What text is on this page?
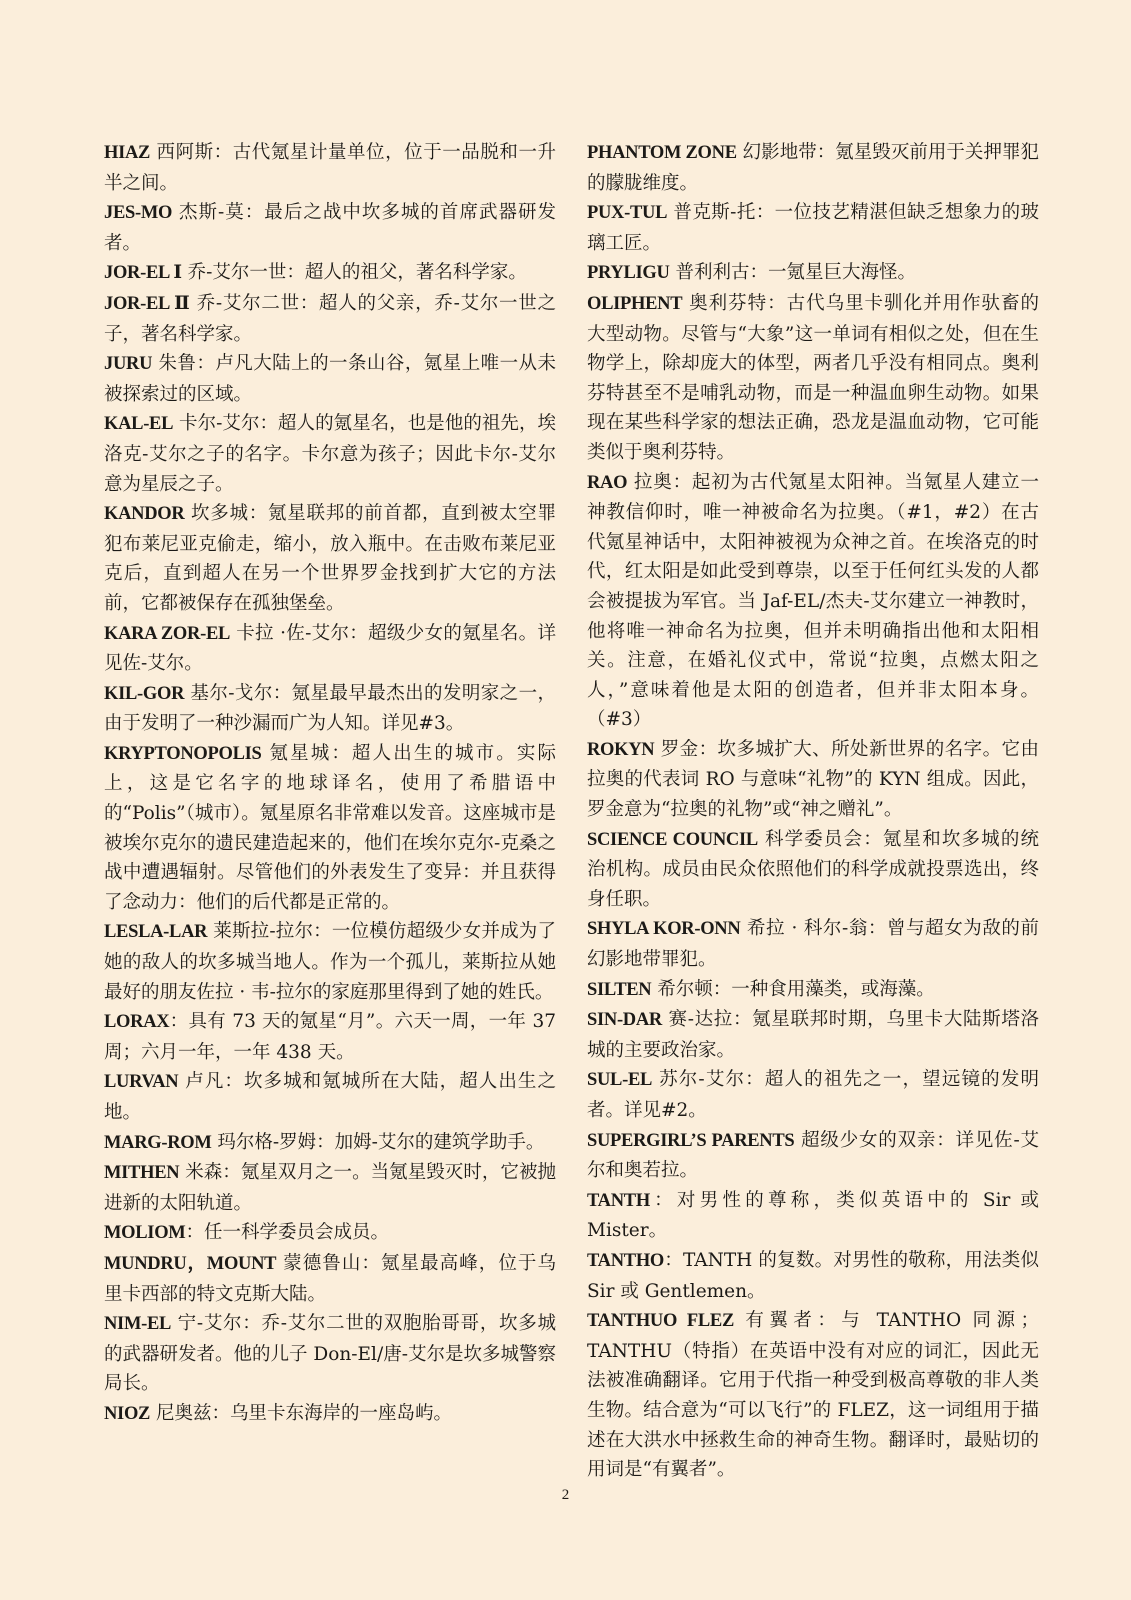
HIAZ 西阿斯：古代氪星计量单位，位于一品脱和一升半之间。

JES-MO 杰斯-莫：最后之战中坎多城的首席武器研发者。

JOR-EL Ⅰ 乔-艾尔一世：超人的祖父，著名科学家。

JOR-EL Ⅱ 乔-艾尔二世：超人的父亲，乔-艾尔一世之子，著名科学家。

JURU 朱鲁：卢凡大陆上的一条山谷，氪星上唯一从未被探索过的区域。

KAL-EL 卡尔-艾尔：超人的氪星名，也是他的祖先，埃洛克-艾尔之子的名字。卡尔意为孩子；因此卡尔-艾尔意为星辰之子。

KANDOR 坎多城：氪星联邦的前首都，直到被太空罪犯布莱尼亚克偷走，缩小，放入瓶中。在击败布莱尼亚克后，直到超人在另一个世界罗金找到扩大它的方法前，它都被保存在孤独堡垒。

KARA ZOR-EL 卡拉 ·佐-艾尔：超级少女的氪星名。详见佐-艾尔。

KIL-GOR 基尔-戈尔：氪星最早最杰出的发明家之一，由于发明了一种沙漏而广为人知。详见#3。

KRYPTONOPOLIS 氪星城：超人出生的城市。实际上，这是它名字的地球译名，使用了希腊语中的“Polis”（城市）。氪星原名非常难以发音。这座城市是被埃尔克尔的遗民建造起来的，他们在埃尔克尔-克桑之战中遭遇辐射。尽管他们的外表发生了变异：并且获得了念动力：他们的后代都是正常的。

LESLA-LAR 莱斯拉-拉尔：一位模仿超级少女并成为了她的敌人的坎多城当地人。作为一个孤儿，莱斯拉从她最好的朋友佐拉 · 韦-拉尔的家庭那里得到了她的姓氏。

LORAX：具有 73 天的氪星“月”。六天一周，一年 37 周；六月一年，一年 438 天。

LURVAN 卢凡：坎多城和氪城所在大陆，超人出生之地。

MARG-ROM 玛尔格-罗姆：加姆-艾尔的建筑学助手。

MITHEN 米森：氪星双月之一。当氪星毁灭时，它被抛进新的太阳轨道。

MOLIOM：任一科学委员会成员。

MUNDRU，MOUNT 蒙德鲁山：氪星最高峰，位于乌里卡西部的特文克斯大陆。

NIM-EL 宁-艾尔：乔-艾尔二世的双胞胎哥哥，坎多城的武器研发者。他的儿子 Don-El/唐-艾尔是坎多城警察局长。

NIOZ 尼奥兹：乌里卡东海岸的一座岛屿。

PHANTOM ZONE 幻影地带：氪星毁灭前用于关押罪犯的朦胧维度。

PUX-TUL 普克斯-托：一位技艺精湛但缺乏想象力的玻璃工匠。

PRYLIGU 普利利古：一氪星巨大海怪。

OLIPHENT 奥利芬特：古代乌里卡驯化并用作驮畜的大型动物。尽管与“大象”这一单词有相似之处，但在生物学上，除却庞大的体型，两者几乎没有相同点。奥利芬特甚至不是哺乳动物，而是一种温血卵生动物。如果现在某些科学家的想法正确，恐龙是温血动物，它可能类似于奥利芬特。

RAO 拉奥：起初为古代氪星太阳神。当氪星人建立一神教信仰时，唯一神被命名为拉奥。（#1，#2）在古代氪星神话中，太阳神被视为众神之首。在埃洛克的时代，红太阳是如此受到尊崇，以至于任何红头发的人都会被提拔为军官。当 Jaf-EL/杰夫-艾尔建立一神教时，他将唯一神命名为拉奥，但并未明确指出他和太阳相关。注意，在婚礼仪式中，常说“拉奥，点燃太阳之人，”意味着他是太阳的创造者，但并非太阳本身。（#3）

ROKYN 罗金：坎多城扩大、所处新世界的名字。它由拉奥的代表词 RO 与意味“礼物”的 KYN 组成。因此，罗金意为“拉奥的礼物”或“神之赠礼”。

SCIENCE COUNCIL 科学委员会：氪星和坎多城的统治机构。成员由民众依照他们的科学成就投票选出，终身任职。

SHYLA KOR-ONN 希拉 · 科尔-翁：曾与超女为敌的前幻影地带罪犯。

SILTEN 希尔顿：一种食用藻类，或海藻。

SIN-DAR 赛-达拉：氪星联邦时期，乌里卡大陆斯塔洛城的主要政治家。

SUL-EL 苏尔-艾尔：超人的祖先之一，望远镜的发明者。详见#2。

SUPERGIRL’S PARENTS 超级少女的双亲：详见佐-艾尔和奥若拉。

TANTH：对男性的尊称，类似英语中的 Sir 或 Mister。

TANTHO：TANTH 的复数。对男性的敬称，用法类似 Sir 或 Gentlemen。

TANTHUO FLEZ 有翼者：与 TANTHO 同源；TANTHU（特指）在英语中没有对应的词汇，因此无法被准确翻译。它用于代指一种受到极高尊敬的非人类生物。结合意为“可以飞行”的 FLEZ，这一词组用于描述在大洪水中拯救生命的神奇生物。翻译时，最贴切的用词是“有翼者”。

2
